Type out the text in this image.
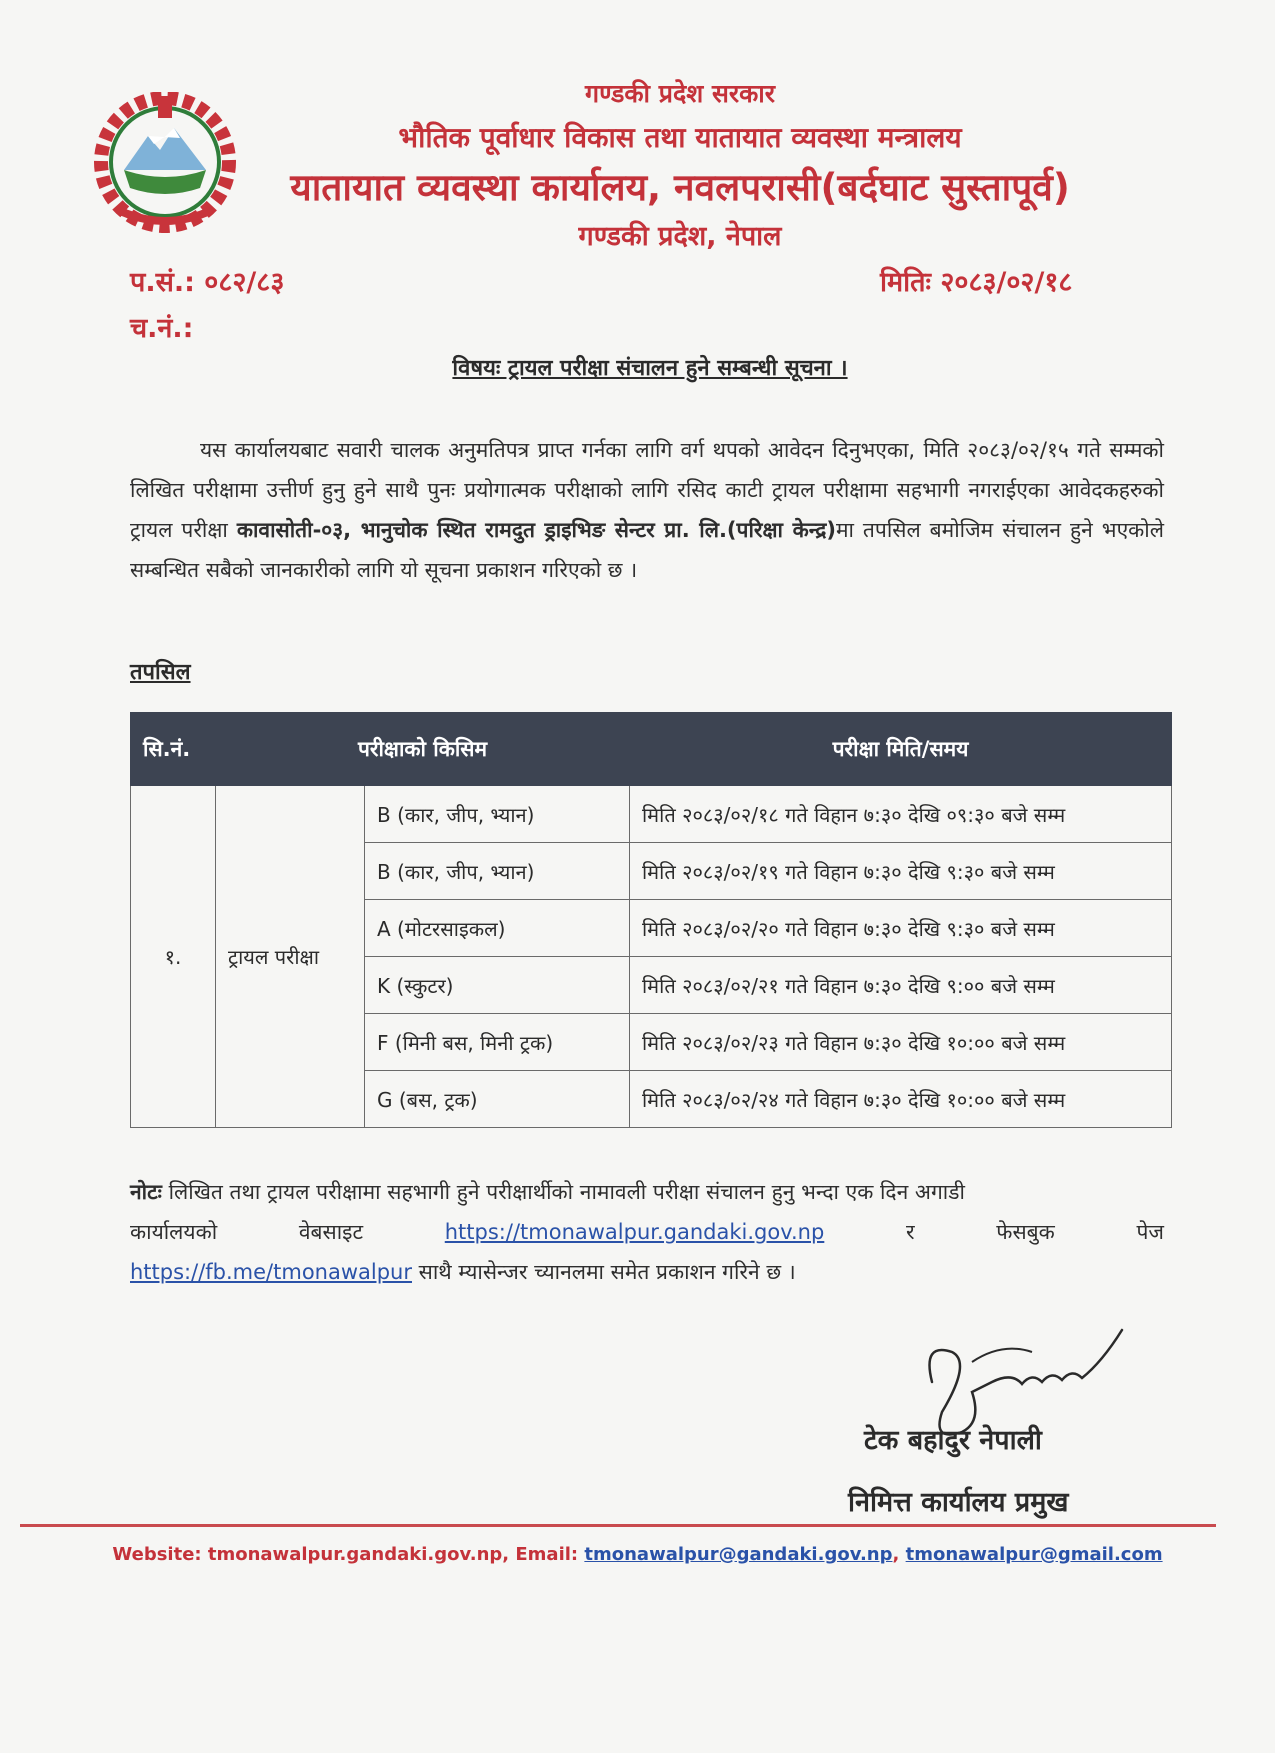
गण्डकी प्रदेश सरकार
भौतिक पूर्वाधार विकास तथा यातायात व्यवस्था मन्त्रालय
यातायात व्यवस्था कार्यालय, नवलपरासी(बर्दघाट सुस्तापूर्व)
गण्डकी प्रदेश, नेपाल
प.सं.: ०८२/८३
च.नं.:
मितिः २०८३/०२/१८
विषयः ट्रायल परीक्षा संचालन हुने सम्बन्धी सूचना ।
यस कार्यालयबाट सवारी चालक अनुमतिपत्र प्राप्त गर्नका लागि वर्ग थपको आवेदन दिनुभएका, मिति २०८३/०२/१५ गते सम्मको लिखित परीक्षामा उत्तीर्ण हुनु हुने साथै पुनः प्रयोगात्मक परीक्षाको लागि रसिद काटी ट्रायल परीक्षामा सहभागी नगराईएका आवेदकहरुको ट्रायल परीक्षा कावासोती-०३, भानुचोक स्थित रामदुत ड्राइभिङ सेन्टर प्रा. लि.(परिक्षा केन्द्र)मा तपसिल बमोजिम संचालन हुने भएकोले सम्बन्धित सबैको जानकारीको लागि यो सूचना प्रकाशन गरिएको छ ।
तपसिल
सि.नं.	परीक्षाको किसिम		परीक्षा मिति/समय
१.	ट्रायल परीक्षा	B (कार, जीप, भ्यान)	मिति २०८३/०२/१८ गते विहान ७:३० देखि ०९:३० बजे सम्म
		B (कार, जीप, भ्यान)	मिति २०८३/०२/१९ गते विहान ७:३० देखि ९:३० बजे सम्म
		A (मोटरसाइकल)	मिति २०८३/०२/२० गते विहान ७:३० देखि ९:३० बजे सम्म
		K (स्कुटर)	मिति २०८३/०२/२१ गते विहान ७:३० देखि ९:०० बजे सम्म
		F (मिनी बस, मिनी ट्रक)	मिति २०८३/०२/२३ गते विहान ७:३० देखि १०:०० बजे सम्म
		G (बस, ट्रक)	मिति २०८३/०२/२४ गते विहान ७:३० देखि १०:०० बजे सम्म
नोटः लिखित तथा ट्रायल परीक्षामा सहभागी हुने परीक्षार्थीको नामावली परीक्षा संचालन हुनु भन्दा एक दिन अगाडी
कार्यालयको	वेबसाइट	https://tmonawalpur.gandaki.gov.np	र	फेसबुक	पेज
https://fb.me/tmonawalpur साथै म्यासेन्जर च्यानलमा समेत प्रकाशन गरिने छ ।
टेक बहादुर नेपाली
निमित्त कार्यालय प्रमुख
Website: tmonawalpur.gandaki.gov.np, Email: tmonawalpur@gandaki.gov.np, tmonawalpur@gmail.com
